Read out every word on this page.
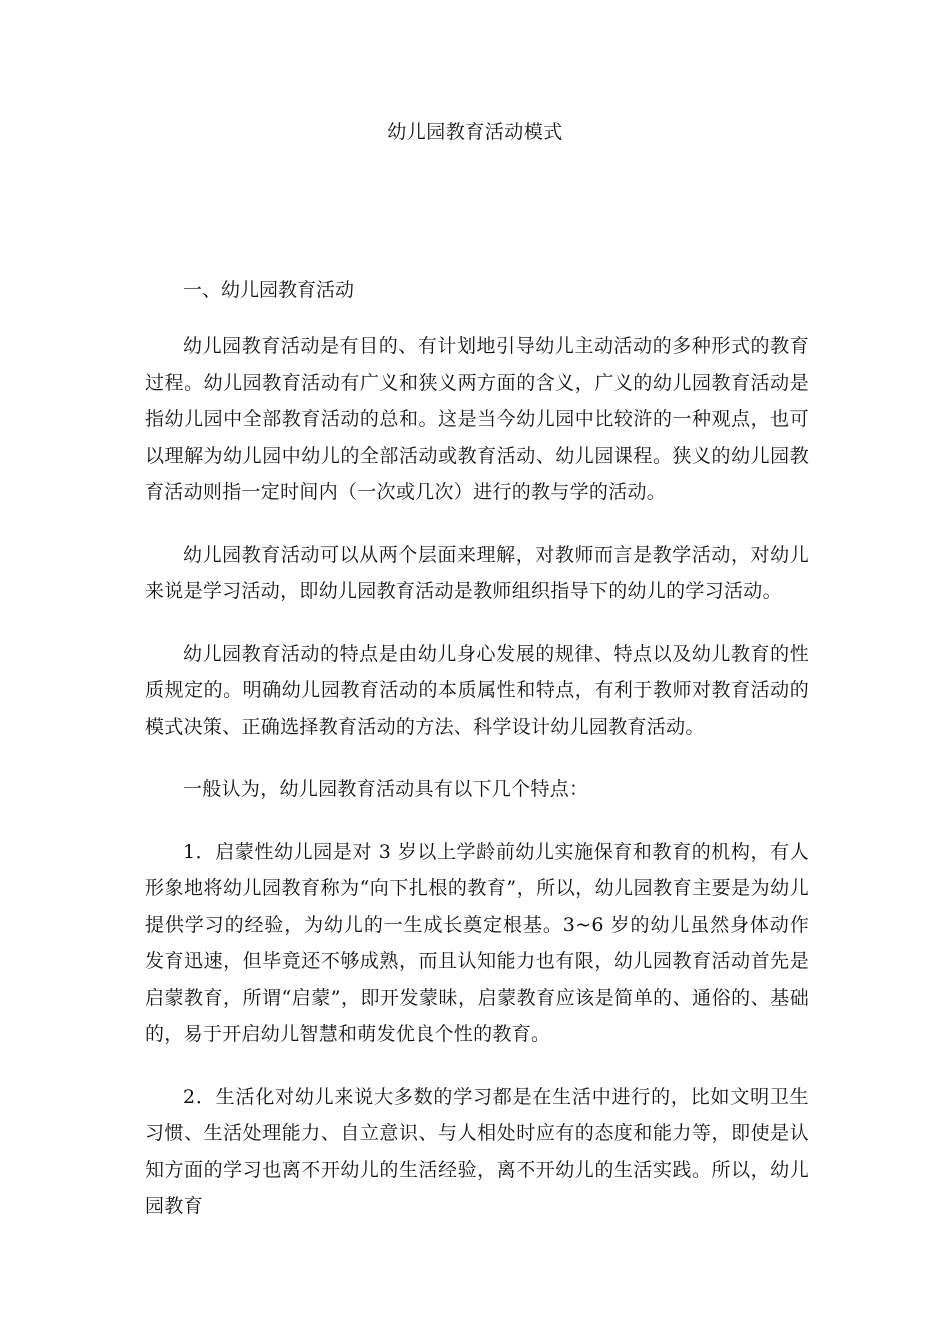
幼儿园教育活动模式

一、幼儿园教育活动

幼儿园教育活动是有目的、有计划地引导幼儿主动活动的多种形式的教育过程。幼儿园教育活动有广义和狭义两方面的含义，广义的幼儿园教育活动是指幼儿园中全部教育活动的总和。这是当今幼儿园中比较浒的一种观点，也可以理解为幼儿园中幼儿的全部活动或教育活动、幼儿园课程。狭义的幼儿园教育活动则指一定时间内（一次或几次）进行的教与学的活动。

幼儿园教育活动可以从两个层面来理解，对教师而言是教学活动，对幼儿来说是学习活动，即幼儿园教育活动是教师组织指导下的幼儿的学习活动。

幼儿园教育活动的特点是由幼儿身心发展的规律、特点以及幼儿教育的性质规定的。明确幼儿园教育活动的本质属性和特点，有利于教师对教育活动的模式决策、正确选择教育活动的方法、科学设计幼儿园教育活动。

一般认为，幼儿园教育活动具有以下几个特点：

1．启蒙性幼儿园是对 3 岁以上学龄前幼儿实施保育和教育的机构，有人形象地将幼儿园教育称为“向下扎根的教育”，所以，幼儿园教育主要是为幼儿提供学习的经验，为幼儿的一生成长奠定根基。3~6 岁的幼儿虽然身体动作发育迅速，但毕竟还不够成熟，而且认知能力也有限，幼儿园教育活动首先是启蒙教育，所谓“启蒙”，即开发蒙昧，启蒙教育应该是简单的、通俗的、基础的，易于开启幼儿智慧和萌发优良个性的教育。

2．生活化对幼儿来说大多数的学习都是在生活中进行的，比如文明卫生习惯、生活处理能力、自立意识、与人相处时应有的态度和能力等，即使是认知方面的学习也离不开幼儿的生活经验，离不开幼儿的生活实践。所以，幼儿园教育
